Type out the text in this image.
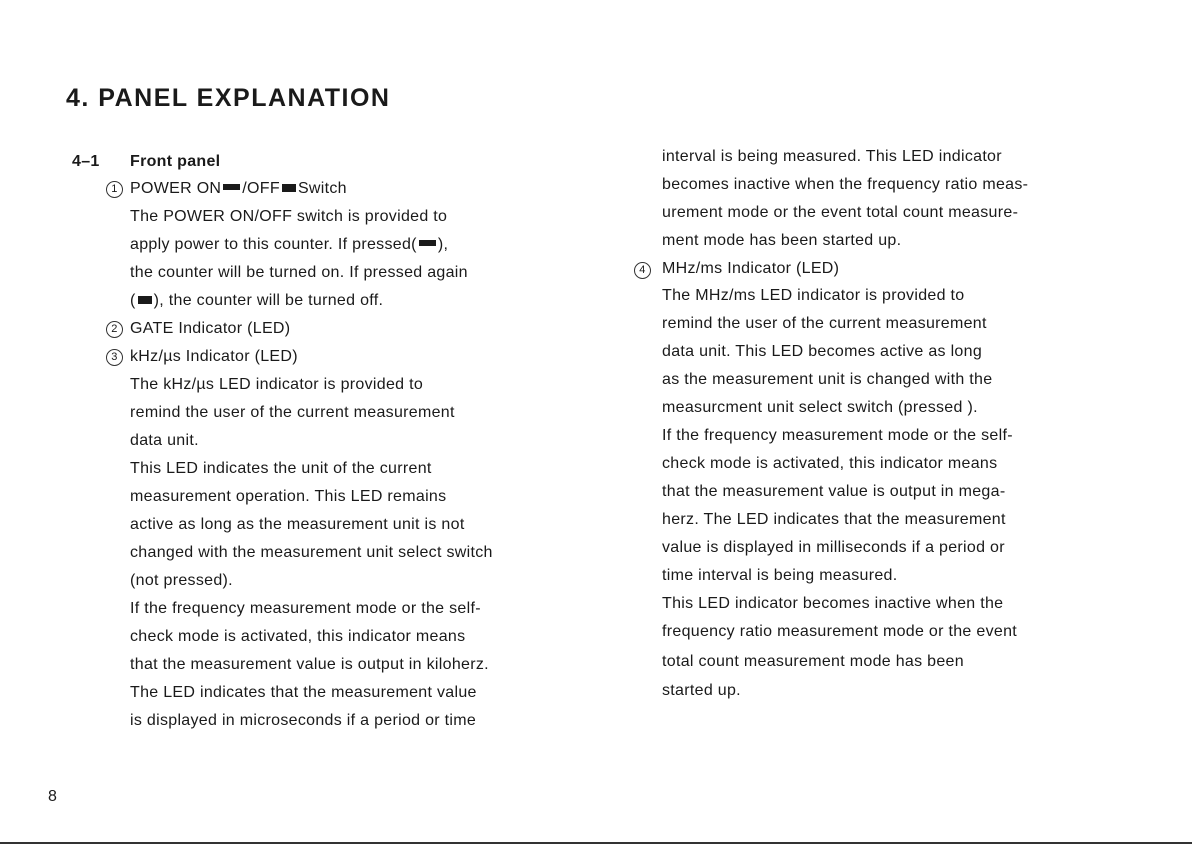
4. PANEL EXPLANATION
4–1 Front panel
1 POWER ON /OFF Switch
The POWER ON/OFF switch is provided to
apply power to this counter. If pressed( ),
the counter will be turned on. If pressed again
( ), the counter will be turned off.
2 GATE Indicator (LED)
3 kHz/µs Indicator (LED)
The kHz/µs LED indicator is provided to
remind the user of the current measurement
data unit.
This LED indicates the unit of the current
measurement operation. This LED remains
active as long as the measurement unit is not
changed with the measurement unit select switch
(not pressed).
If the frequency measurement mode or the self-
check mode is activated, this indicator means
that the measurement value is output in kiloherz.
The LED indicates that the measurement value
is displayed in microseconds if a period or time
interval is being measured. This LED indicator
becomes inactive when the frequency ratio meas-
urement mode or the event total count measure-
ment mode has been started up.
4	MHz/ms Indicator (LED)
The MHz/ms LED indicator is provided to
remind the user of the current measurement
data unit. This LED becomes active as long
as the measurement unit is changed with the
measurcment unit select switch (pressed ).
If the frequency measurement mode or the self-
check mode is activated, this indicator means
that the measurement value is output in mega-
herz. The LED indicates that the measurement
value is displayed in milliseconds if a period or
time interval is being measured.
This LED indicator becomes inactive when the
frequency ratio measurement mode or the event
total count measurement mode has been
started up.
8
